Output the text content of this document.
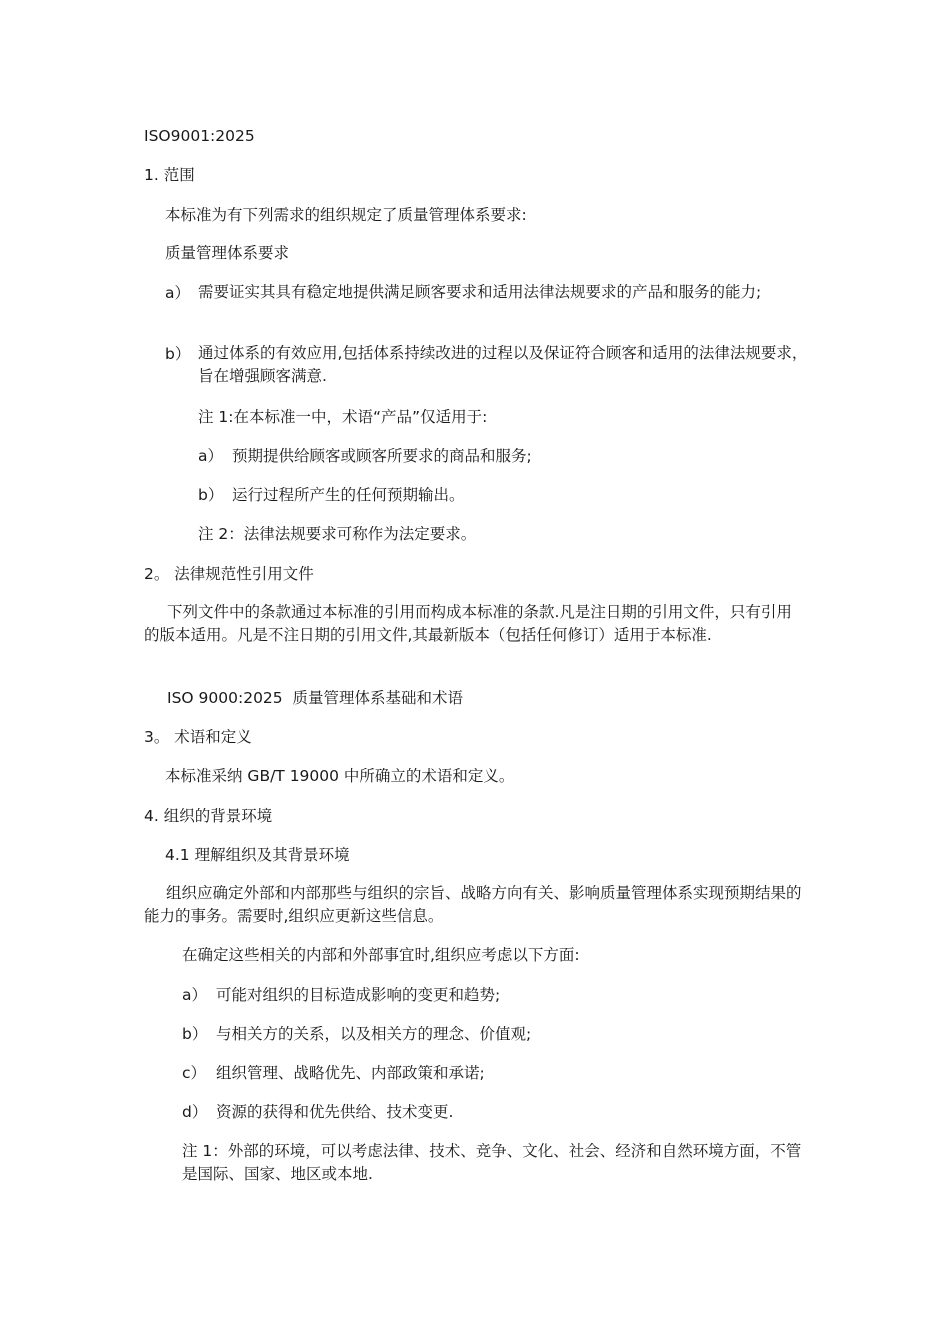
ISO9001:2025
1. 范围
本标准为有下列需求的组织规定了质量管理体系要求:
质量管理体系要求
a） 需要证实其具有稳定地提供满足顾客要求和适用法律法规要求的产品和服务的能力;
b） 通过体系的有效应用,包括体系持续改进的过程以及保证符合顾客和适用的法律法规要求，旨在增强顾客满意.
注 1:在本标准一中，术语“产品”仅适用于:
a） 预期提供给顾客或顾客所要求的商品和服务;
b） 运行过程所产生的任何预期输出。
注 2：法律法规要求可称作为法定要求。
2。 法律规范性引用文件
下列文件中的条款通过本标准的引用而构成本标准的条款.凡是注日期的引用文件，只有引用的版本适用。凡是不注日期的引用文件,其最新版本（包括任何修订）适用于本标准.
ISO 9000:2025  质量管理体系基础和术语
3。 术语和定义
本标准采纳 GB/T 19000 中所确立的术语和定义。
4. 组织的背景环境
4.1 理解组织及其背景环境
组织应确定外部和内部那些与组织的宗旨、战略方向有关、影响质量管理体系实现预期结果的能力的事务。需要时,组织应更新这些信息。
在确定这些相关的内部和外部事宜时,组织应考虑以下方面:
a） 可能对组织的目标造成影响的变更和趋势;
b） 与相关方的关系，以及相关方的理念、价值观;
c） 组织管理、战略优先、内部政策和承诺;
d） 资源的获得和优先供给、技术变更.
注 1：外部的环境，可以考虑法律、技术、竞争、文化、社会、经济和自然环境方面，不管是国际、国家、地区或本地.
